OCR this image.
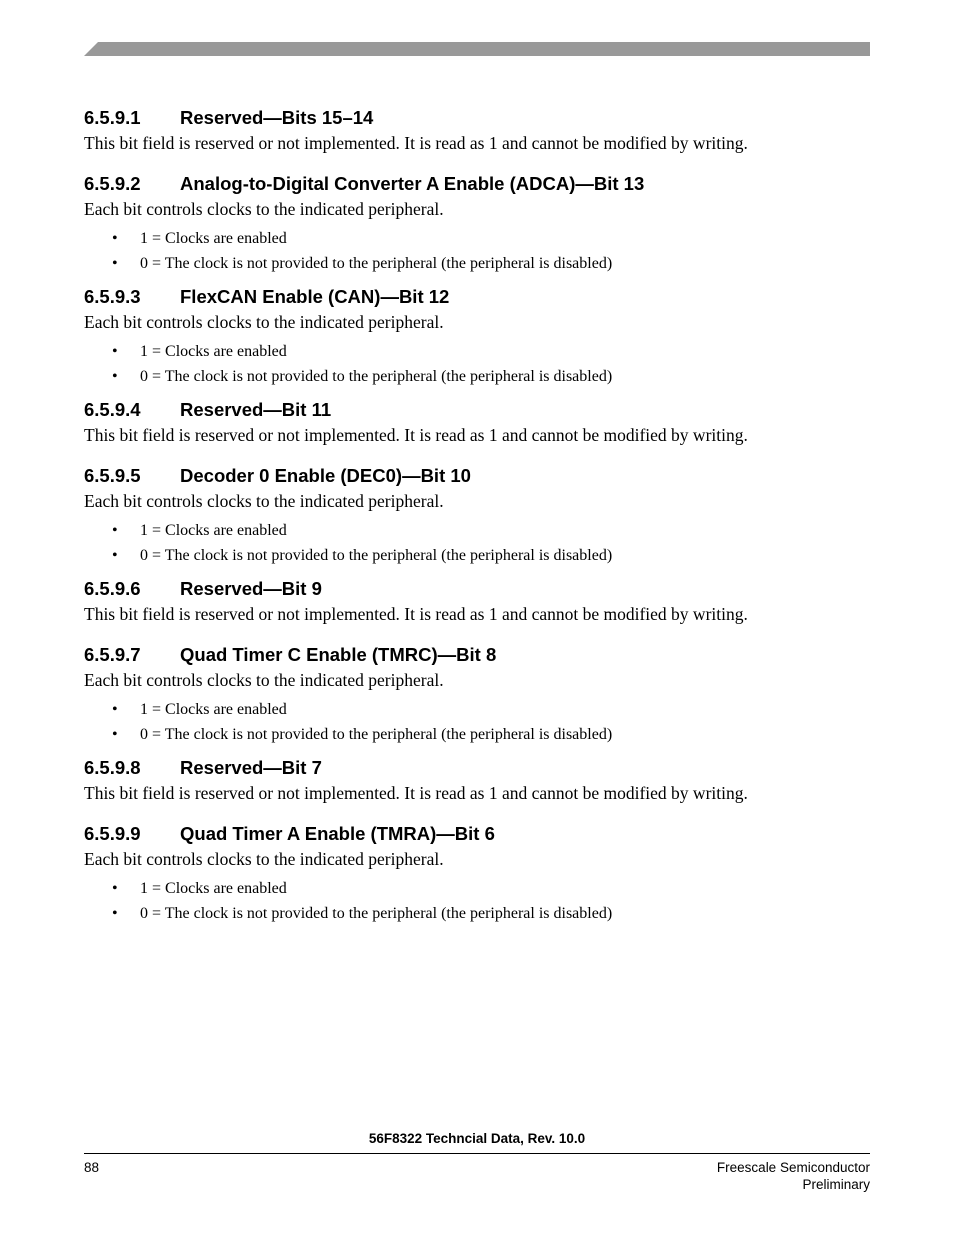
6.5.9.1 Reserved—Bits 15–14
This bit field is reserved or not implemented. It is read as 1 and cannot be modified by writing.
6.5.9.2 Analog-to-Digital Converter A Enable (ADCA)—Bit 13
Each bit controls clocks to the indicated peripheral.
• 1 = Clocks are enabled
• 0 = The clock is not provided to the peripheral (the peripheral is disabled)
6.5.9.3 FlexCAN Enable (CAN)—Bit 12
Each bit controls clocks to the indicated peripheral.
• 1 = Clocks are enabled
• 0 = The clock is not provided to the peripheral (the peripheral is disabled)
6.5.9.4 Reserved—Bit 11
This bit field is reserved or not implemented. It is read as 1 and cannot be modified by writing.
6.5.9.5 Decoder 0 Enable (DEC0)—Bit 10
Each bit controls clocks to the indicated peripheral.
• 1 = Clocks are enabled
• 0 = The clock is not provided to the peripheral (the peripheral is disabled)
6.5.9.6 Reserved—Bit 9
This bit field is reserved or not implemented. It is read as 1 and cannot be modified by writing.
6.5.9.7 Quad Timer C Enable (TMRC)—Bit 8
Each bit controls clocks to the indicated peripheral.
• 1 = Clocks are enabled
• 0 = The clock is not provided to the peripheral (the peripheral is disabled)
6.5.9.8 Reserved—Bit 7
This bit field is reserved or not implemented. It is read as 1 and cannot be modified by writing.
6.5.9.9 Quad Timer A Enable (TMRA)—Bit 6
Each bit controls clocks to the indicated peripheral.
• 1 = Clocks are enabled
• 0 = The clock is not provided to the peripheral (the peripheral is disabled)
56F8322 Techncial Data, Rev. 10.0
88	Freescale Semiconductor
Preliminary
